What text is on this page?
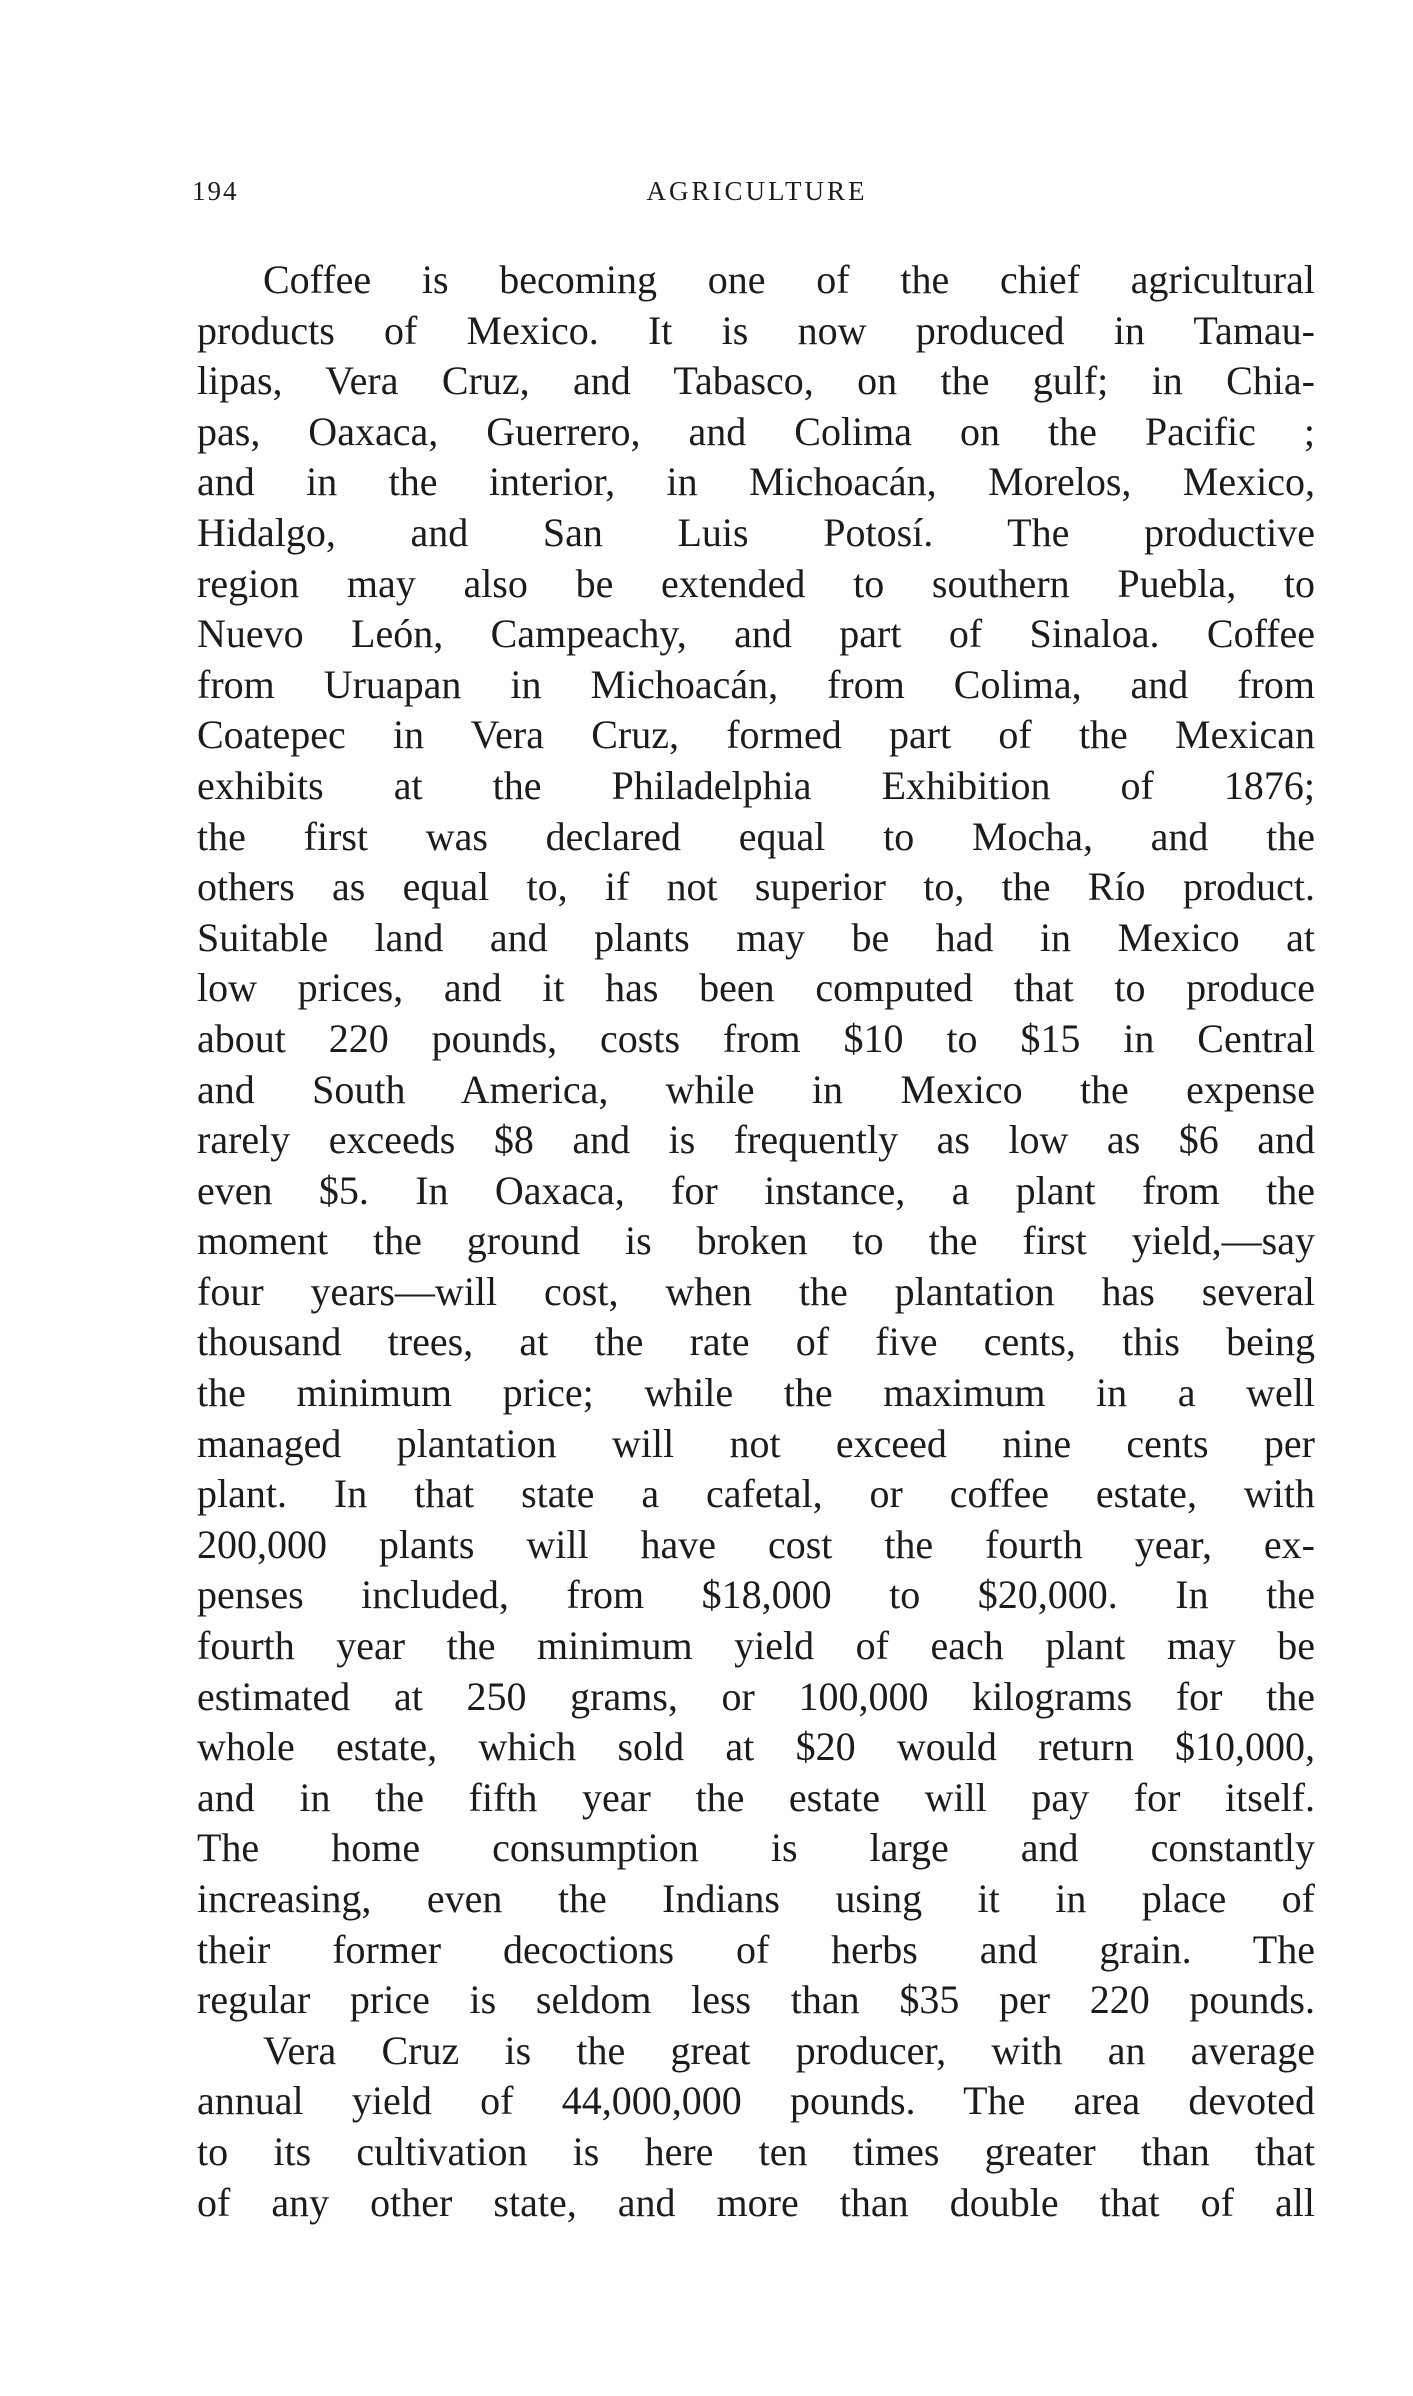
194	AGRICULTURE
Coffee is becoming one of the chief agricultural
products of Mexico. It is now produced in Tamau-
lipas, Vera Cruz, and Tabasco, on the gulf; in Chia-
pas, Oaxaca, Guerrero, and Colima on the Pacific ;
and in the interior, in Michoacán, Morelos, Mexico,
Hidalgo, and San Luis Potosí. The productive
region may also be extended to southern Puebla, to
Nuevo León, Campeachy, and part of Sinaloa. Coffee
from Uruapan in Michoacán, from Colima, and from
Coatepec in Vera Cruz, formed part of the Mexican
exhibits at the Philadelphia Exhibition of 1876;
the first was declared equal to Mocha, and the
others as equal to, if not superior to, the Río product.
Suitable land and plants may be had in Mexico at
low prices, and it has been computed that to produce
about 220 pounds, costs from $10 to $15 in Central
and South America, while in Mexico the expense
rarely exceeds $8 and is frequently as low as $6 and
even $5. In Oaxaca, for instance, a plant from the
moment the ground is broken to the first yield,—say
four years—will cost, when the plantation has several
thousand trees, at the rate of five cents, this being
the minimum price; while the maximum in a well
managed plantation will not exceed nine cents per
plant. In that state a cafetal, or coffee estate, with
200,000 plants will have cost the fourth year, ex-
penses included, from $18,000 to $20,000. In the
fourth year the minimum yield of each plant may be
estimated at 250 grams, or 100,000 kilograms for the
whole estate, which sold at $20 would return $10,000,
and in the fifth year the estate will pay for itself.
The home consumption is large and constantly
increasing, even the Indians using it in place of
their former decoctions of herbs and grain. The
regular price is seldom less than $35 per 220 pounds.
Vera Cruz is the great producer, with an average
annual yield of 44,000,000 pounds. The area devoted
to its cultivation is here ten times greater than that
of any other state, and more than double that of all
